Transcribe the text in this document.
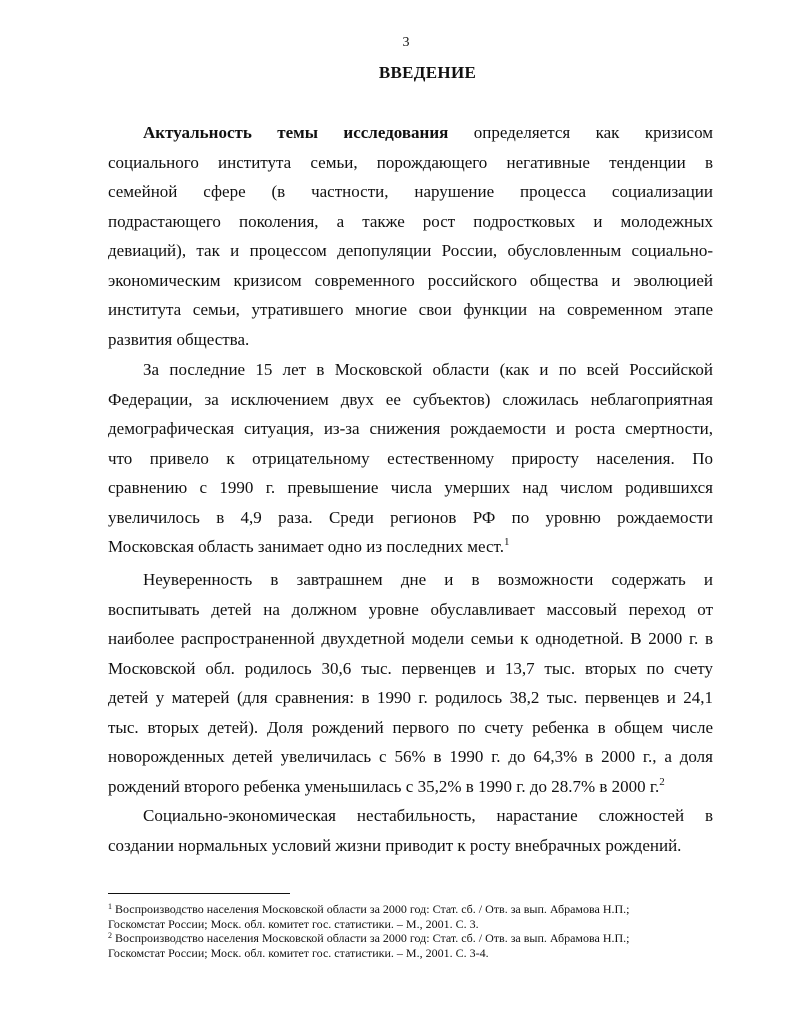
3
ВВЕДЕНИЕ
Актуальность темы исследования определяется как кризисом
социального института семьи, порождающего негативные тенденции в
семейной сфере (в частности, нарушение процесса социализации
подрастающего поколения, а также рост подростковых и молодежных
девиаций), так и процессом депопуляции России, обусловленным социально-
экономическим кризисом современного российского общества и эволюцией
института семьи, утратившего многие свои функции на современном этапе
развития общества.
За последние 15 лет в Московской области (как и по всей Российской
Федерации, за исключением двух ее субъектов) сложилась неблагоприятная
демографическая ситуация, из-за снижения рождаемости и роста смертности,
что привело к отрицательному естественному приросту населения. По
сравнению с 1990 г. превышение числа умерших над числом родившихся
увеличилось в 4,9 раза. Среди регионов РФ по уровню рождаемости
Московская область занимает одно из последних мест.$^1$
Неуверенность в завтрашнем дне и в возможности содержать и
воспитывать детей на должном уровне обуславливает массовый переход от
наиболее распространенной двухдетной модели семьи к однодетной. В 2000 г. в
Московской обл. родилось 30,6 тыс. первенцев и 13,7 тыс. вторых по счету
детей у матерей (для сравнения: в 1990 г. родилось 38,2 тыс. первенцев и 24,1
тыс. вторых детей). Доля рождений первого по счету ребенка в общем числе
новорожденных детей увеличилась с 56% в 1990 г. до 64,3% в 2000 г., а доля
рождений второго ребенка уменьшилась с 35,2% в 1990 г. до 28.7% в 2000 г.$^2$
Социально-экономическая нестабильность, нарастание сложностей в
создании нормальных условий жизни приводит к росту внебрачных рождений.
$^1$ Воспроизводство населения Московской области за 2000 год: Стат. сб. / Отв. за вып. Абрамова Н.П.;
Госкомстат России; Моск. обл. комитет гос. статистики. – М., 2001. С. 3.
$^2$ Воспроизводство населения Московской области за 2000 год: Стат. сб. / Отв. за вып. Абрамова Н.П.;
Госкомстат России; Моск. обл. комитет гос. статистики. – М., 2001. С. 3-4.
